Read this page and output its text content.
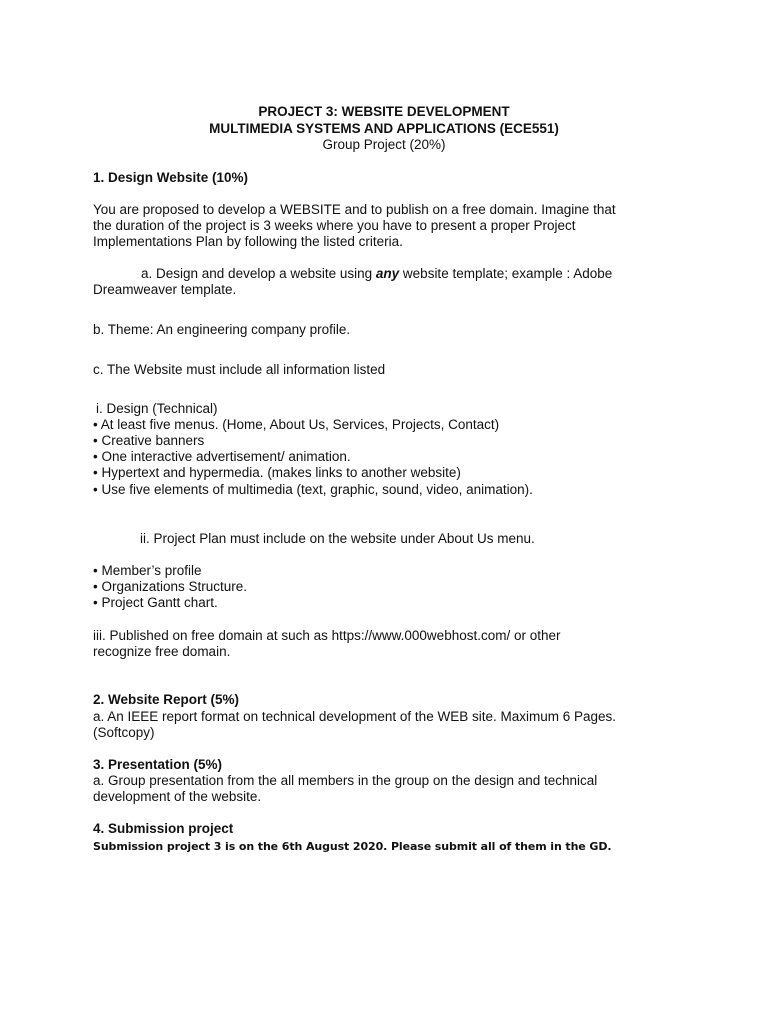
PROJECT 3: WEBSITE DEVELOPMENT

MULTIMEDIA SYSTEMS AND APPLICATIONS (ECE551)

Group Project (20%)

1. Design Website (10%)

You are proposed to develop a WEBSITE and to publish on a free domain. Imagine that

the duration of the project is 3 weeks where you have to present a proper Project

Implementations Plan by following the listed criteria.

a. Design and develop a website using any website template; example : Adobe

Dreamweaver template.

b. Theme: An engineering company profile.

c. The Website must include all information listed

i. Design (Technical)

• At least five menus. (Home, About Us, Services, Projects, Contact)

• Creative banners

• One interactive advertisement/ animation.

• Hypertext and hypermedia. (makes links to another website)

• Use five elements of multimedia (text, graphic, sound, video, animation).

ii. Project Plan must include on the website under About Us menu.

• Member’s profile

• Organizations Structure.

• Project Gantt chart.

iii. Published on free domain at such as https://www.000webhost.com/ or other

recognize free domain.

2. Website Report (5%)

a. An IEEE report format on technical development of the WEB site. Maximum 6 Pages.

(Softcopy)

3. Presentation (5%)

a. Group presentation from the all members in the group on the design and technical

development of the website.

4. Submission project

Submission project 3 is on the 6th August 2020. Please submit all of them in the GD.
